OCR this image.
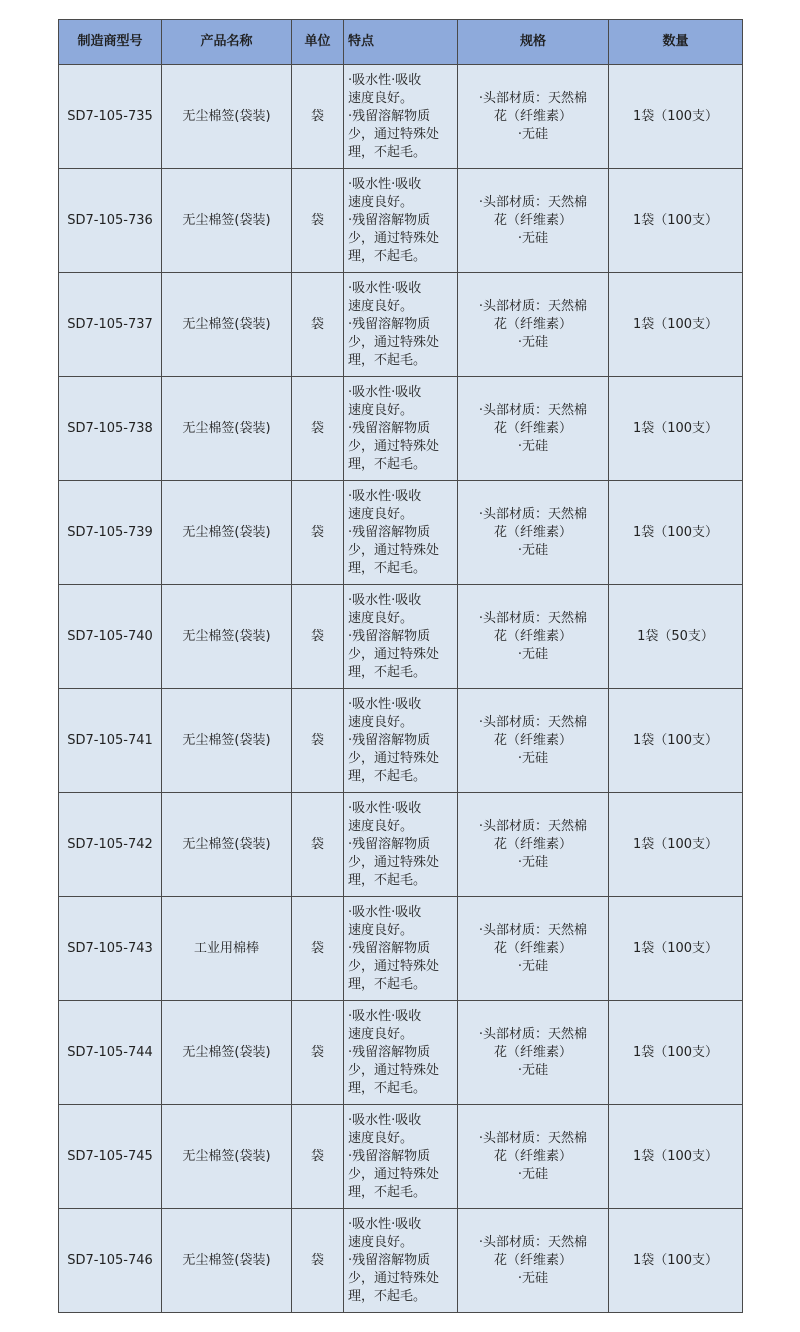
制造商型号	产品名称	单位	特点	规格	数量
SD7-105-735	无尘棉签(袋装)	袋	·吸水性·吸收
速度良好。
·残留溶解物质
少，通过特殊处
理，不起毛。	·头部材质：天然棉
花（纤维素）
·无硅	1袋（100支）
SD7-105-736	无尘棉签(袋装)	袋	·吸水性·吸收
速度良好。
·残留溶解物质
少，通过特殊处
理，不起毛。	·头部材质：天然棉
花（纤维素）
·无硅	1袋（100支）
SD7-105-737	无尘棉签(袋装)	袋	·吸水性·吸收
速度良好。
·残留溶解物质
少，通过特殊处
理，不起毛。	·头部材质：天然棉
花（纤维素）
·无硅	1袋（100支）
SD7-105-738	无尘棉签(袋装)	袋	·吸水性·吸收
速度良好。
·残留溶解物质
少，通过特殊处
理，不起毛。	·头部材质：天然棉
花（纤维素）
·无硅	1袋（100支）
SD7-105-739	无尘棉签(袋装)	袋	·吸水性·吸收
速度良好。
·残留溶解物质
少，通过特殊处
理，不起毛。	·头部材质：天然棉
花（纤维素）
·无硅	1袋（100支）
SD7-105-740	无尘棉签(袋装)	袋	·吸水性·吸收
速度良好。
·残留溶解物质
少，通过特殊处
理，不起毛。	·头部材质：天然棉
花（纤维素）
·无硅	1袋（50支）
SD7-105-741	无尘棉签(袋装)	袋	·吸水性·吸收
速度良好。
·残留溶解物质
少，通过特殊处
理，不起毛。	·头部材质：天然棉
花（纤维素）
·无硅	1袋（100支）
SD7-105-742	无尘棉签(袋装)	袋	·吸水性·吸收
速度良好。
·残留溶解物质
少，通过特殊处
理，不起毛。	·头部材质：天然棉
花（纤维素）
·无硅	1袋（100支）
SD7-105-743	工业用棉棒	袋	·吸水性·吸收
速度良好。
·残留溶解物质
少，通过特殊处
理，不起毛。	·头部材质：天然棉
花（纤维素）
·无硅	1袋（100支）
SD7-105-744	无尘棉签(袋装)	袋	·吸水性·吸收
速度良好。
·残留溶解物质
少，通过特殊处
理，不起毛。	·头部材质：天然棉
花（纤维素）
·无硅	1袋（100支）
SD7-105-745	无尘棉签(袋装)	袋	·吸水性·吸收
速度良好。
·残留溶解物质
少，通过特殊处
理，不起毛。	·头部材质：天然棉
花（纤维素）
·无硅	1袋（100支）
SD7-105-746	无尘棉签(袋装)	袋	·吸水性·吸收
速度良好。
·残留溶解物质
少，通过特殊处
理，不起毛。	·头部材质：天然棉
花（纤维素）
·无硅	1袋（100支）
